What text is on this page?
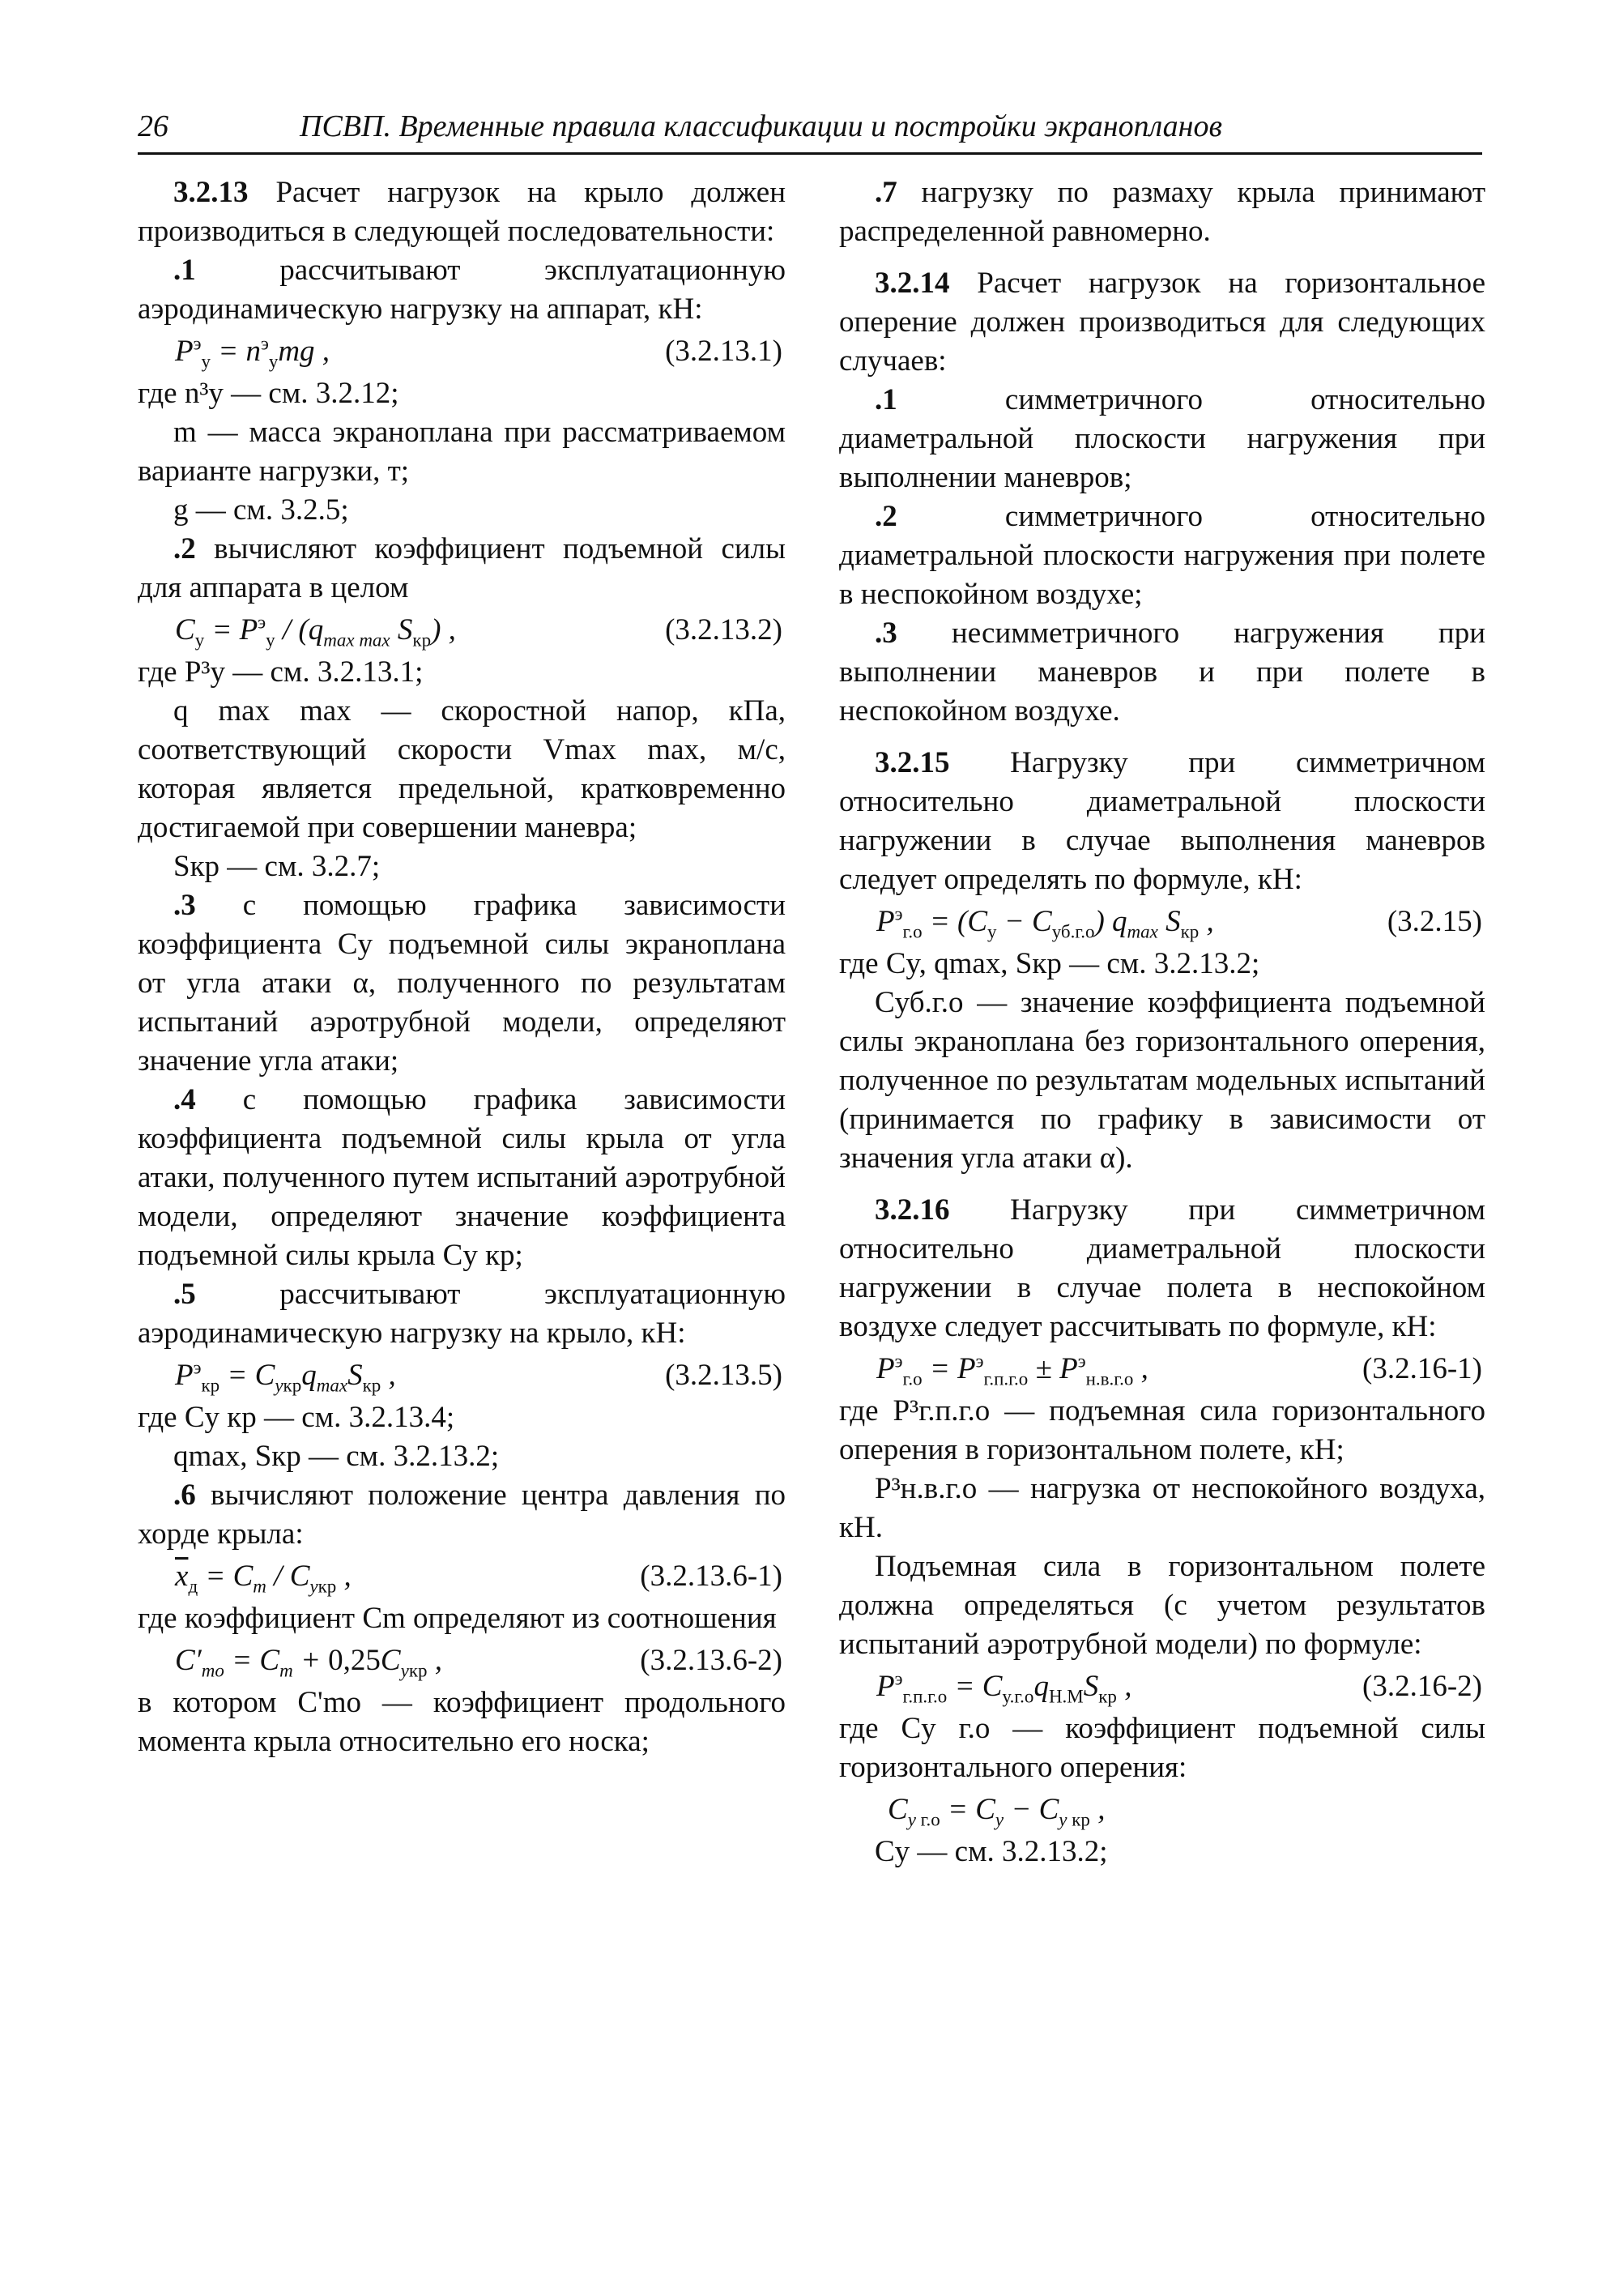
26	ПСВП. Временные правила классификации и постройки экранопланов

3.2.13 Расчет нагрузок на крыло должен производиться в следующей последовательности:

.1	рассчитывают эксплуатационную аэродинамическую нагрузку на аппарат, кН:

$P^э_у = n^э_уmg$ ,	(3.2.13.1)

где n³y — см. 3.2.12;

m — масса экраноплана при рассматриваемом варианте нагрузки, т;

g — см. 3.2.5;

.2 вычисляют коэффициент подъемной силы для аппарата в целом

$C_у = P^э_у / (q_{max max}$ $S_{кр}$) ,	(3.2.13.2)

где P³y — см. 3.2.13.1;

q max max — скоростной напор, кПа, соответствующий скорости Vmax max, м/с, которая является предельной, кратковременно достигаемой при совершении маневра;

Sкр — см. 3.2.7;

.3 с помощью графика зависимости коэффициента Cy подъемной силы экраноплана от угла атаки α, полученного по результатам испытаний аэротрубной модели, определяют значение угла атаки;

.4 с помощью графика зависимости коэффициента подъемной силы крыла от угла атаки, полученного путем испытаний аэротрубной модели, определяют значение коэффициента подъемной силы крыла Cy кр;

.5	рассчитывают эксплуатационную аэродинамическую нагрузку на крыло, кН:

$P^э_{кр} = C_{yкр}q_{max}S_{кр}$ ,	(3.2.13.5)

где Cy кр — см. 3.2.13.4;

qmax, Sкр — см. 3.2.13.2;

.6 вычисляют положение центра давления по хорде крыла:

$\overline{x}_д = C_m / C_{yкр}$ ,	(3.2.13.6-1)

где коэффициент Cm определяют из соотношения

$C'_{mo} = C_m + 0,25C_{yкр}$ ,	(3.2.13.6-2)

в котором C'mo — коэффициент продольного момента крыла относительно его носка;

.7 нагрузку по размаху крыла принимают распределенной равномерно.

3.2.14 Расчет нагрузок на горизонтальное оперение должен производиться для следующих случаев:

.1	симметричного относительно диаметральной плоскости нагружения при выполнении маневров;

.2	симметричного относительно диаметральной плоскости нагружения при полете в неспокойном воздухе;

.3 несимметричного нагружения при выполнении маневров и при полете в неспокойном воздухе.

3.2.15 Нагрузку при симметричном относительно диаметральной плоскости нагружении в случае выполнения маневров следует определять по формуле, кН:

$P^э_{г.о} = (C_у - C_{уб.г.о})$ $q_{max}$ $S_{кр}$ ,	(3.2.15)

где Cy, qmax, Sкр — см. 3.2.13.2;

Cуб.г.о — значение коэффициента подъемной силы экраноплана без горизонтального оперения, полученное по результатам модельных испытаний (принимается по графику в зависимости от значения угла атаки α).

3.2.16 Нагрузку при симметричном относительно диаметральной плоскости нагружении в случае полета в неспокойном воздухе следует рассчитывать по формуле, кН:

$P^э_{г.о} = P^э_{г.п.г.о} \pm P^э_{н.в.г.о}$ ,	(3.2.16-1)

где P³г.п.г.о — подъемная сила горизонтального оперения в горизонтальном полете, кН;

P³н.в.г.о — нагрузка от неспокойного воздуха, кН.

Подъемная сила в горизонтальном полете должна определяться (с учетом результатов испытаний аэротрубной модели) по формуле:

$P^э_{г.п.г.о} = C_{у.г.о}q_{Н.М}S_{кр}$ ,	(3.2.16-2)

где Cy г.о — коэффициент подъемной силы горизонтального оперения:

$C_{y г.о} = C_y - C_{y кр}$ ,

Cy — см. 3.2.13.2;
